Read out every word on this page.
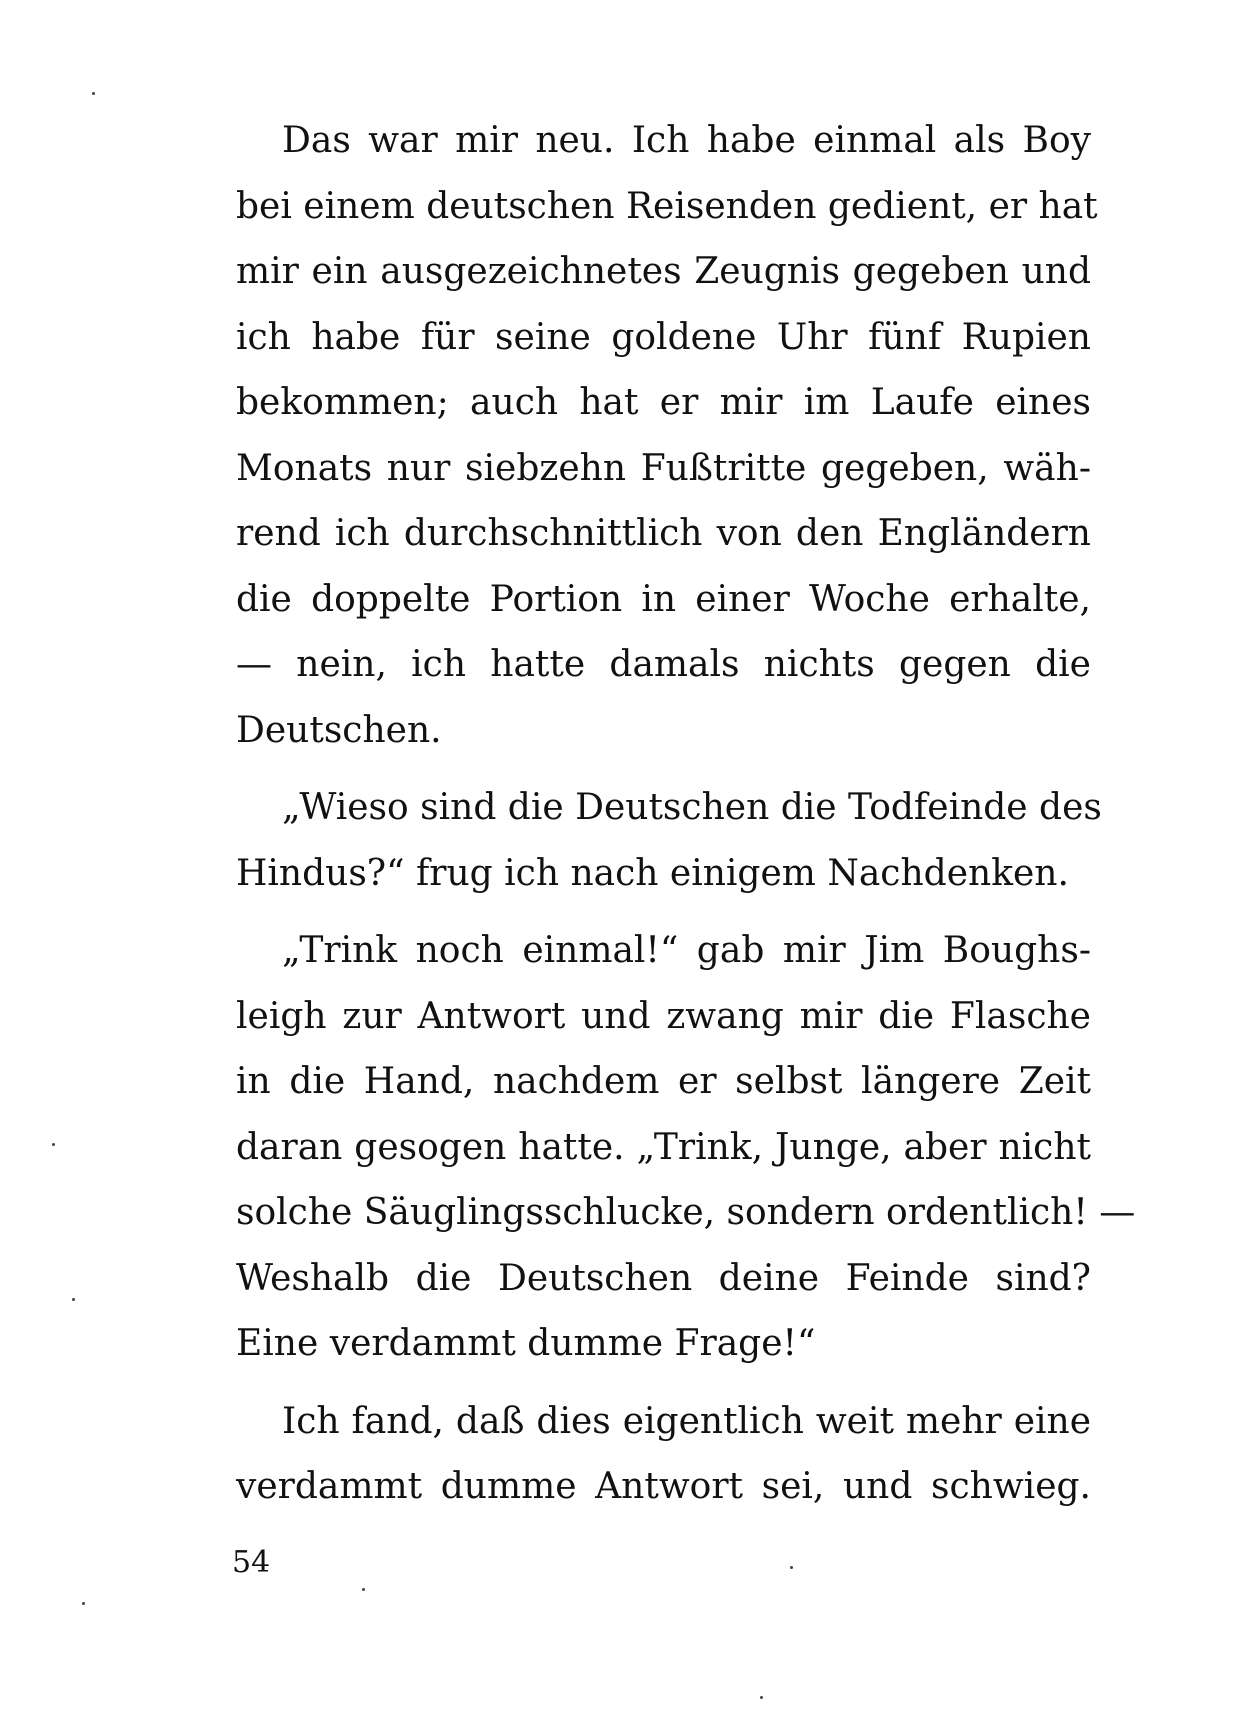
Das war mir neu. Ich habe einmal als Boy
bei einem deutschen Reisenden gedient, er hat
mir ein ausgezeichnetes Zeugnis gegeben und
ich habe für seine goldene Uhr fünf Rupien
bekommen; auch hat er mir im Laufe eines
Monats nur siebzehn Fußtritte gegeben, wäh-
rend ich durchschnittlich von den Engländern
die doppelte Portion in einer Woche erhalte,
— nein, ich hatte damals nichts gegen die
Deutschen.
„Wieso sind die Deutschen die Todfeinde des
Hindus?“ frug ich nach einigem Nachdenken.
„Trink noch einmal!“ gab mir Jim Boughs-
leigh zur Antwort und zwang mir die Flasche
in die Hand, nachdem er selbst längere Zeit
daran gesogen hatte. „Trink, Junge, aber nicht
solche Säuglingsschlucke, sondern ordentlich! —
Weshalb die Deutschen deine Feinde sind?
Eine verdammt dumme Frage!“
Ich fand, daß dies eigentlich weit mehr eine
verdammt dumme Antwort sei, und schwieg.
54
